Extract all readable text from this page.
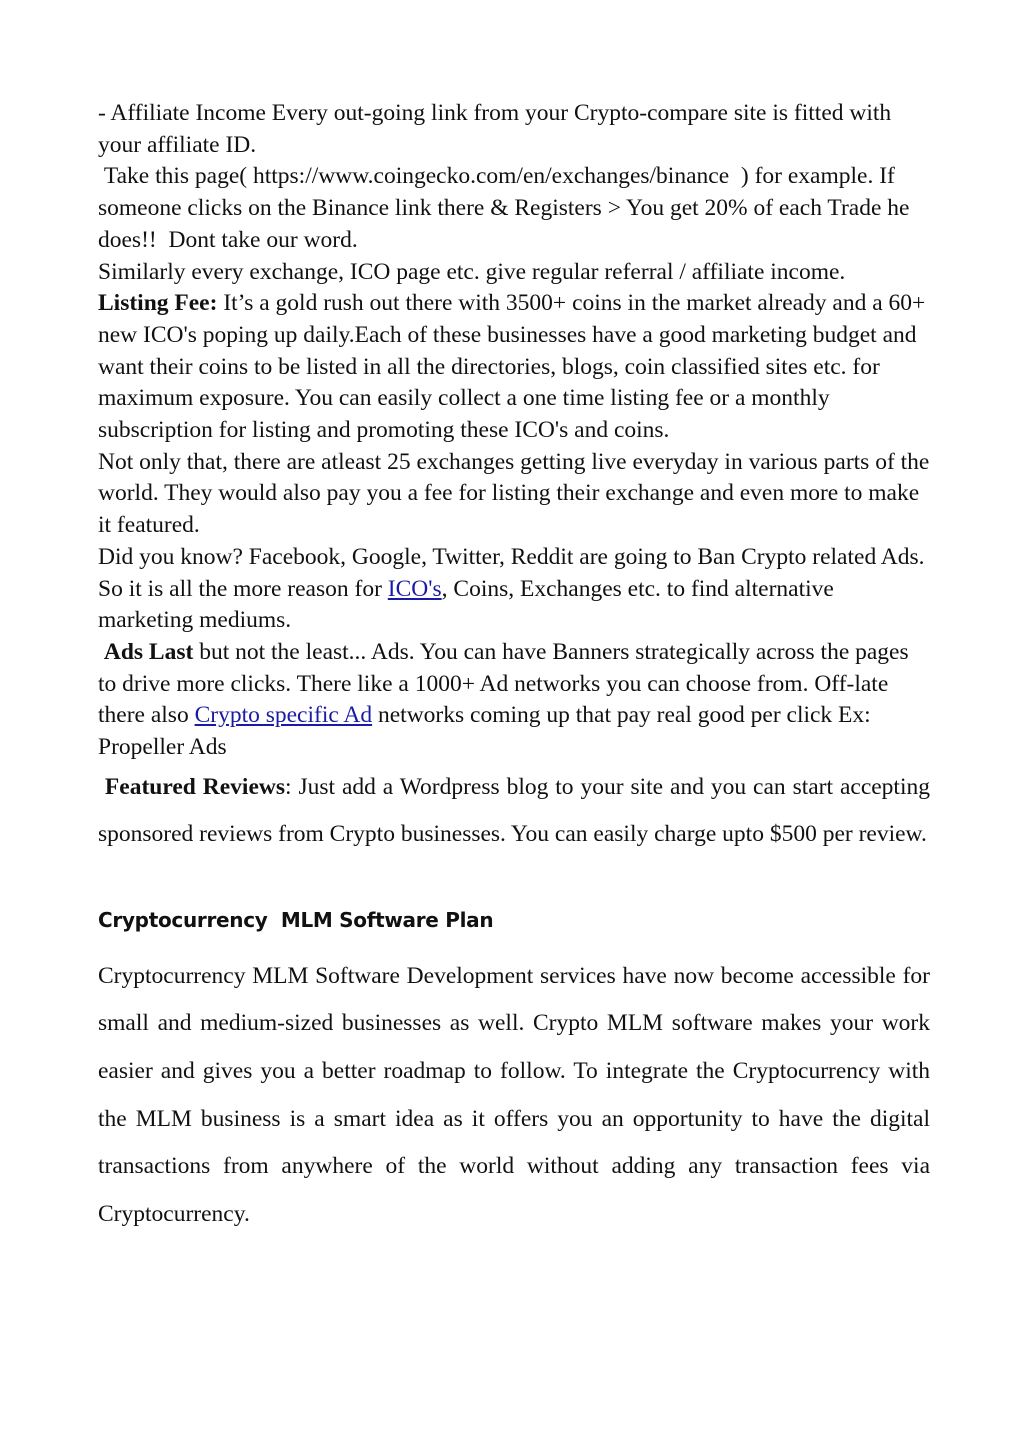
- Affiliate Income Every out-going link from your Crypto-compare site is fitted with your affiliate ID.

Take this page( https://www.coingecko.com/en/exchanges/binance  ) for example. If someone clicks on the Binance link there & Registers > You get 20% of each Trade he does!!  Dont take our word.

Similarly every exchange, ICO page etc. give regular referral / affiliate income.

Listing Fee: It’s a gold rush out there with 3500+ coins in the market already and a 60+ new ICO's poping up daily.Each of these businesses have a good marketing budget and want their coins to be listed in all the directories, blogs, coin classified sites etc. for maximum exposure. You can easily collect a one time listing fee or a monthly subscription for listing and promoting these ICO's and coins.

Not only that, there are atleast 25 exchanges getting live everyday in various parts of the world. They would also pay you a fee for listing their exchange and even more to make it featured.

Did you know? Facebook, Google, Twitter, Reddit are going to Ban Crypto related Ads. So it is all the more reason for ICO's, Coins, Exchanges etc. to find alternative marketing mediums.

Ads Last but not the least... Ads. You can have Banners strategically across the pages to drive more clicks. There like a 1000+ Ad networks you can choose from. Off-late there also Crypto specific Ad networks coming up that pay real good per click Ex: Propeller Ads

Featured Reviews: Just add a Wordpress blog to your site and you can start accepting sponsored reviews from Crypto businesses. You can easily charge upto $500 per review.

Cryptocurrency  MLM Software Plan

Cryptocurrency MLM Software Development services have now become accessible for small and medium-sized businesses as well. Crypto MLM software makes your work easier and gives you a better roadmap to follow. To integrate the Cryptocurrency with the MLM business is a smart idea as it offers you an opportunity to have the digital transactions from anywhere of the world without adding any transaction fees via Cryptocurrency.
